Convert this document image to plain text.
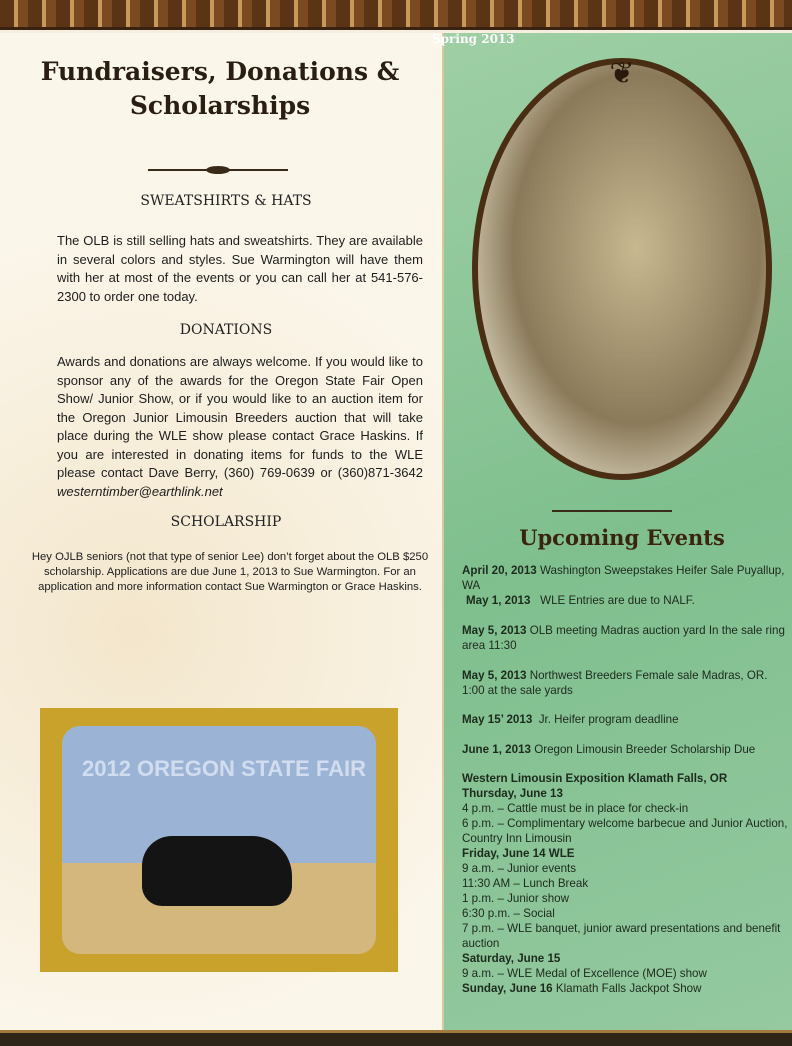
Spring 2013
Fundraisers, Donations & Scholarships
SWEATSHIRTS & HATS

The OLB is still selling hats and sweatshirts. They are available in several colors and styles. Sue Warmington will have them with her at most of the events or you can call her at 541-576-2300 to order one today.

DONATIONS

Awards and donations are always welcome. If you would like to sponsor any of the awards for the Oregon State Fair Open Show/ Junior Show, or if you would like to an auction item for the Oregon Junior Limousin Breeders auction that will take place during the WLE show please contact Grace Haskins. If you are interested in donating items for funds to the WLE please contact Dave Berry, (360) 769-0639 or (360)871-3642 westerntimber@earthlink.net

SCHOLARSHIP

Hey OJLB seniors (not that type of senior Lee) don’t forget about the OLB $250 scholarship. Applications are due June 1, 2013 to Sue Warmington. For an application and more information contact Sue Warmington or Grace Haskins.

2012 OREGON STATE FAIR
❦
Upcoming Events
April 20, 2013 Washington Sweepstakes Heifer Sale Puyallup, WA
May 1, 2013   WLE Entries are due to NALF.
May 5, 2013 OLB meeting Madras auction yard In the sale ring area 11:30
May 5, 2013 Northwest Breeders Female sale Madras, OR. 1:00 at the sale yards
May 15’ 2013  Jr. Heifer program deadline
June 1, 2013 Oregon Limousin Breeder Scholarship Due
Western Limousin Exposition Klamath Falls, OR
Thursday, June 13
4 p.m. – Cattle must be in place for check-in
6 p.m. – Complimentary welcome barbecue and Junior Auction, Country Inn Limousin
Friday, June 14 WLE
9 a.m. – Junior events
11:30 AM – Lunch Break
1 p.m. – Junior show
6:30 p.m. – Social
7 p.m. – WLE banquet, junior award presentations and benefit auction
Saturday, June 15
9 a.m. – WLE Medal of Excellence (MOE) show
Sunday, June 16 Klamath Falls Jackpot Show
